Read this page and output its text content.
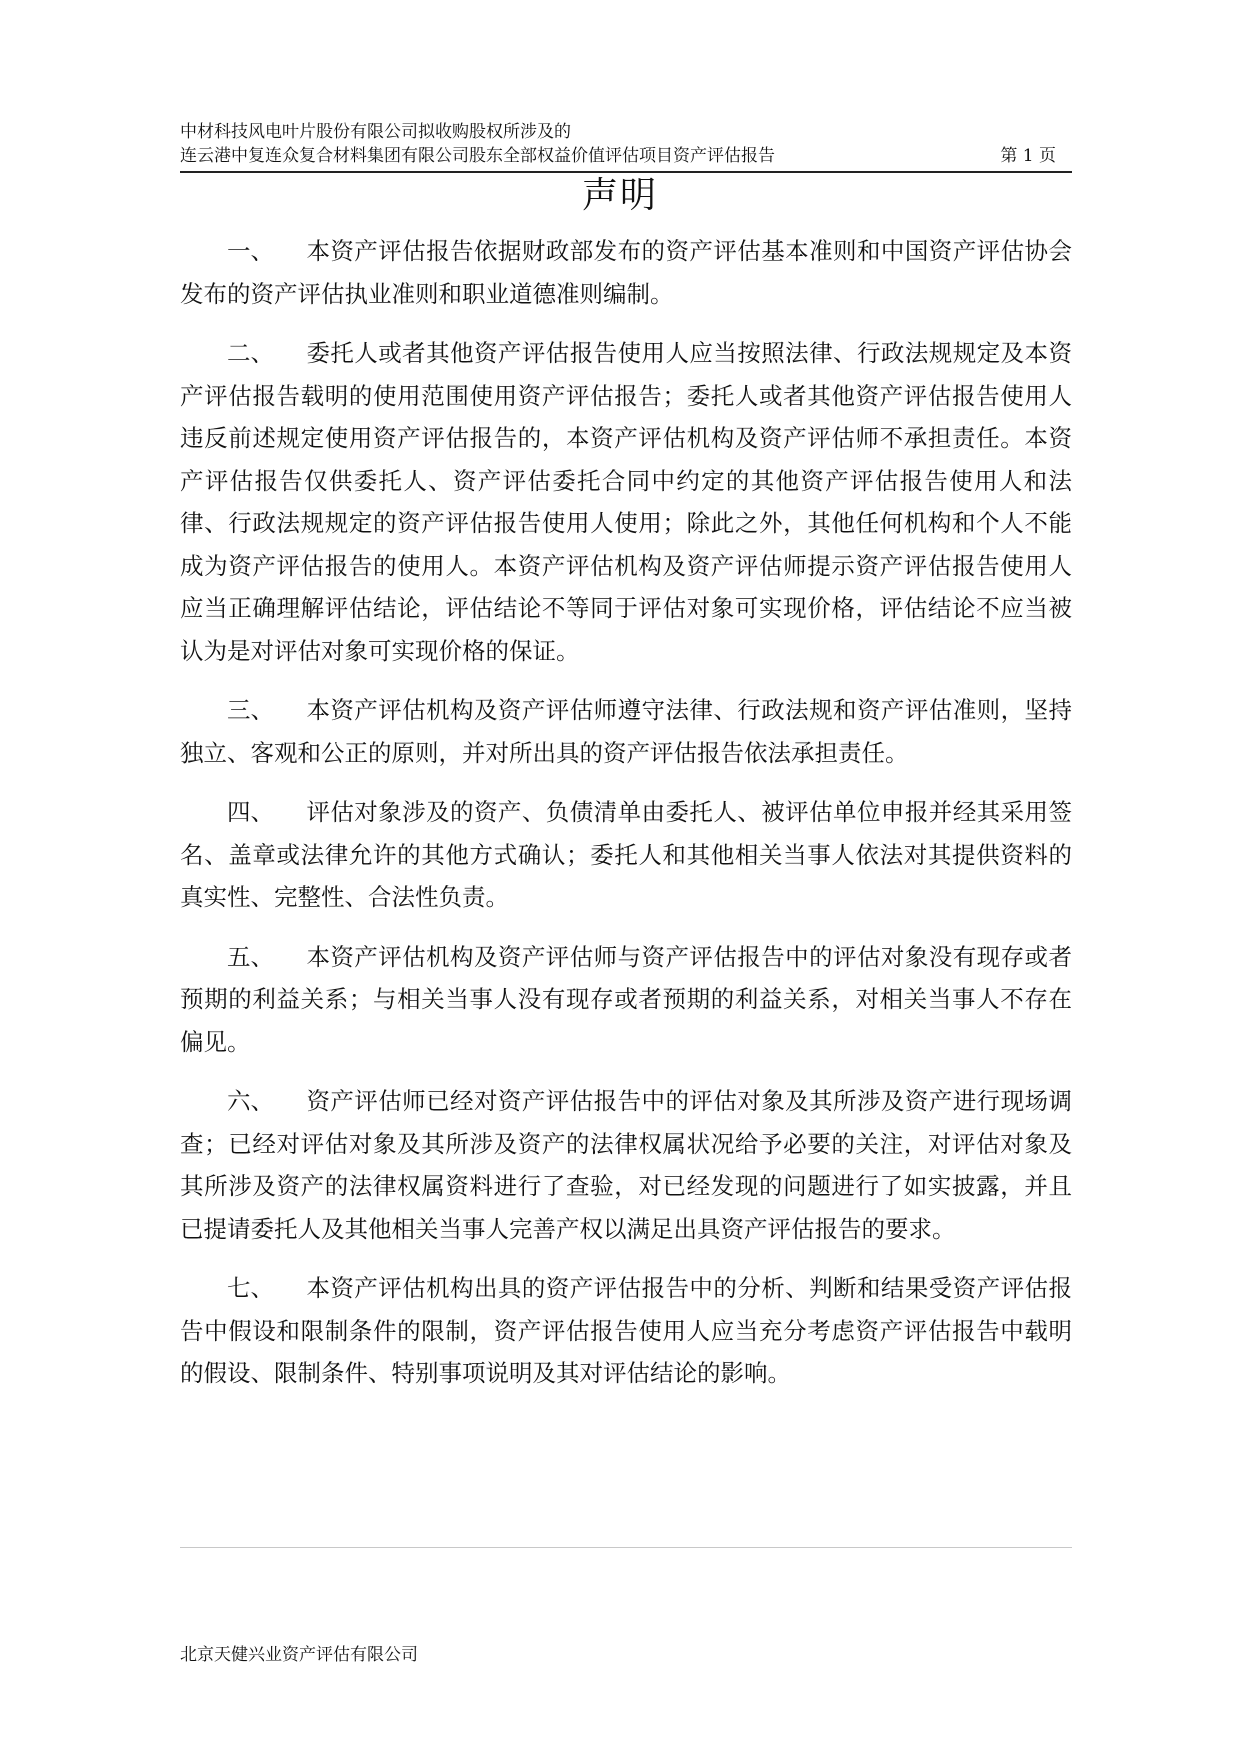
中材科技风电叶片股份有限公司拟收购股权所涉及的
连云港中复连众复合材料集团有限公司股东全部权益价值评估项目资产评估报告	第 1 页
声明

一、 本资产评估报告依据财政部发布的资产评估基本准则和中国资产评估协会发布的资产评估执业准则和职业道德准则编制。

二、 委托人或者其他资产评估报告使用人应当按照法律、行政法规规定及本资产评估报告载明的使用范围使用资产评估报告；委托人或者其他资产评估报告使用人违反前述规定使用资产评估报告的，本资产评估机构及资产评估师不承担责任。本资产评估报告仅供委托人、资产评估委托合同中约定的其他资产评估报告使用人和法律、行政法规规定的资产评估报告使用人使用；除此之外，其他任何机构和个人不能成为资产评估报告的使用人。本资产评估机构及资产评估师提示资产评估报告使用人应当正确理解评估结论，评估结论不等同于评估对象可实现价格，评估结论不应当被认为是对评估对象可实现价格的保证。

三、 本资产评估机构及资产评估师遵守法律、行政法规和资产评估准则，坚持独立、客观和公正的原则，并对所出具的资产评估报告依法承担责任。

四、 评估对象涉及的资产、负债清单由委托人、被评估单位申报并经其采用签名、盖章或法律允许的其他方式确认；委托人和其他相关当事人依法对其提供资料的真实性、完整性、合法性负责。

五、 本资产评估机构及资产评估师与资产评估报告中的评估对象没有现存或者预期的利益关系；与相关当事人没有现存或者预期的利益关系，对相关当事人不存在偏见。

六、 资产评估师已经对资产评估报告中的评估对象及其所涉及资产进行现场调查；已经对评估对象及其所涉及资产的法律权属状况给予必要的关注，对评估对象及其所涉及资产的法律权属资料进行了查验，对已经发现的问题进行了如实披露，并且已提请委托人及其他相关当事人完善产权以满足出具资产评估报告的要求。

七、 本资产评估机构出具的资产评估报告中的分析、判断和结果受资产评估报告中假设和限制条件的限制，资产评估报告使用人应当充分考虑资产评估报告中载明的假设、限制条件、特别事项说明及其对评估结论的影响。

北京天健兴业资产评估有限公司
